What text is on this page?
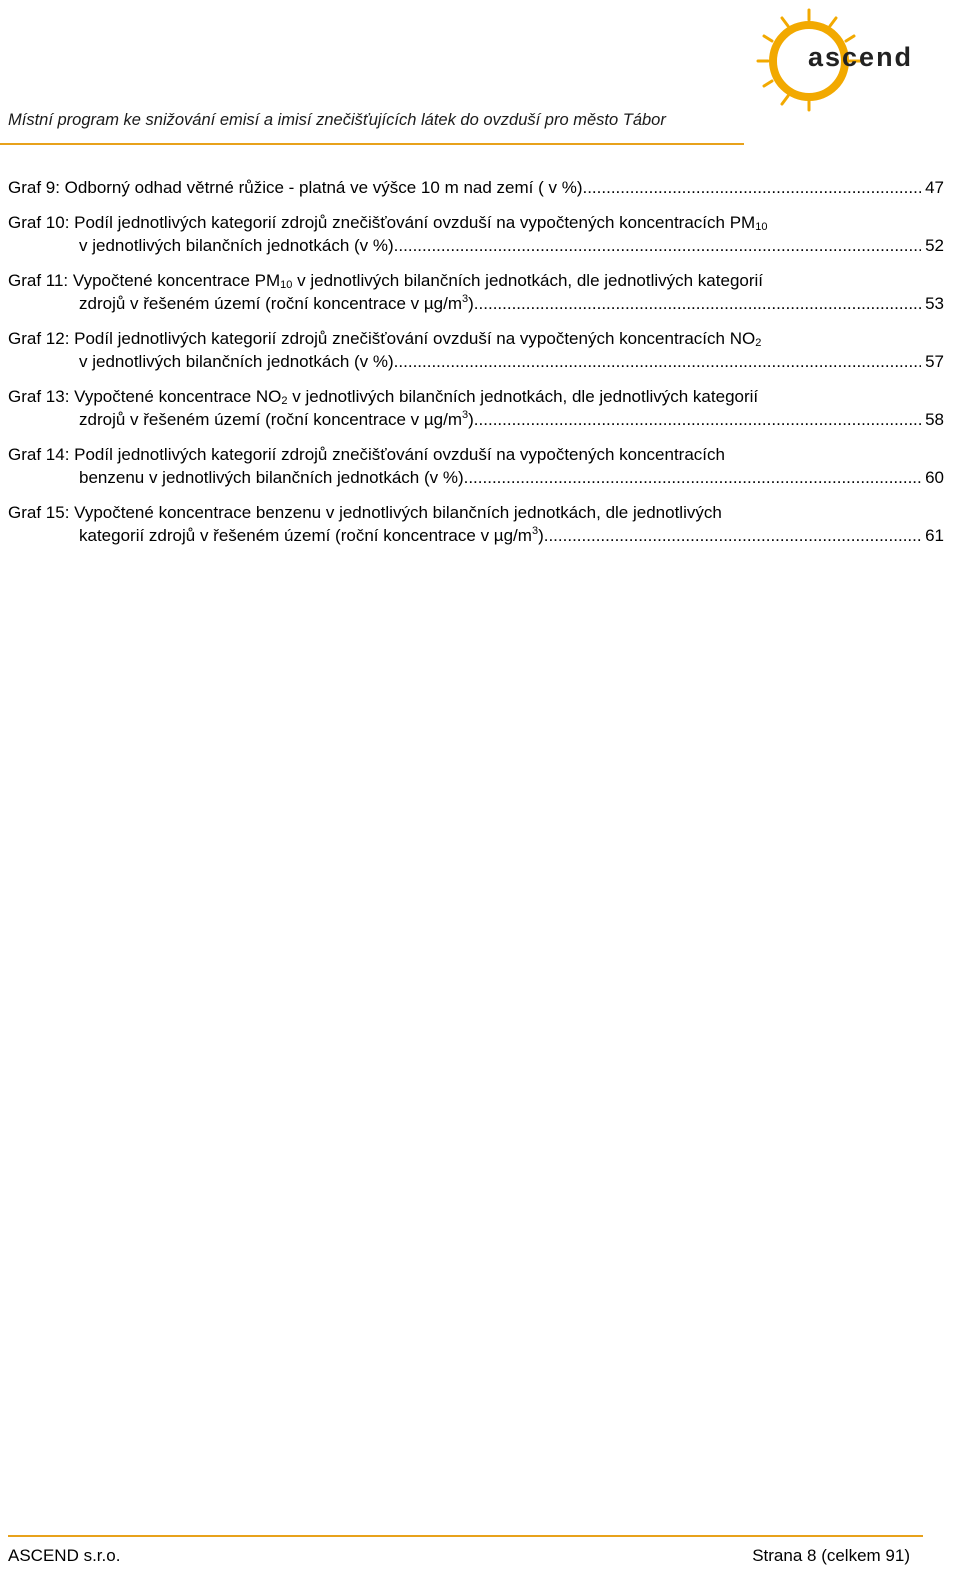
ascend
Místní program ke snižování emisí a imisí znečišťujících látek do ovzduší pro město Tábor
Graf 9: Odborný odhad větrné růžice - platná ve výšce 10 m nad zemí ( v %) .....	47
Graf 10: Podíl jednotlivých kategorií zdrojů znečišťování ovzduší na vypočtených koncentracích $PM_{10}$
v jednotlivých bilančních jednotkách (v %) .....	52
Graf 11: Vypočtené koncentrace $PM_{10}$ v jednotlivých bilančních jednotkách, dle jednotlivých kategorií
zdrojů v řešeném území (roční koncentrace v $\mu g/m^3$) .....	53
Graf 12: Podíl jednotlivých kategorií zdrojů znečišťování ovzduší na vypočtených koncentracích $NO_2$
v jednotlivých bilančních jednotkách (v %) .....	57
Graf 13: Vypočtené koncentrace $NO_2$ v jednotlivých bilančních jednotkách, dle jednotlivých kategorií
zdrojů v řešeném území (roční koncentrace v $\mu g/m^3$) .....	58
Graf 14: Podíl jednotlivých kategorií zdrojů znečišťování ovzduší na vypočtených koncentracích
benzenu v jednotlivých bilančních jednotkách (v %) .....	60
Graf 15: Vypočtené koncentrace benzenu v jednotlivých bilančních jednotkách, dle jednotlivých
kategorií zdrojů v řešeném území (roční koncentrace v $\mu g/m^3$) .....	61
ASCEND s.r.o.	Strana 8 (celkem 91)
